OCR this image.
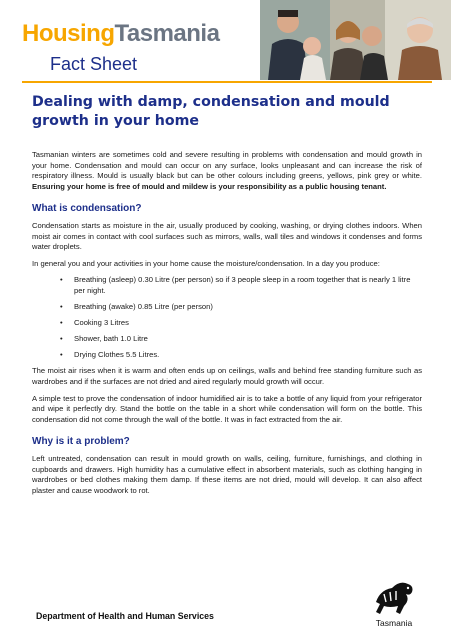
HousingTasmania
Fact Sheet
Dealing with damp, condensation and mould growth in your home

Tasmanian winters are sometimes cold and severe resulting in problems with condensation and mould growth in your home. Condensation and mould can occur on any surface, looks unpleasant and can increase the risk of respiratory illness. Mould is usually black but can be other colours including greens, yellows, pink grey or white. Ensuring your home is free of mould and mildew is your responsibility as a public housing tenant.

What is condensation?

Condensation starts as moisture in the air, usually produced by cooking, washing, or drying clothes indoors. When moist air comes in contact with cool surfaces such as mirrors, walls, wall tiles and windows it condenses and forms water droplets.

In general you and your activities in your home cause the moisture/condensation. In a day you produce:

• Breathing (asleep) 0.30 Litre (per person) so if 3 people sleep in a room together that is nearly 1 litre per night.
• Breathing (awake) 0.85 Litre (per person)
• Cooking 3 Litres
• Shower, bath 1.0 Litre
• Drying Clothes 5.5 Litres.

The moist air rises when it is warm and often ends up on ceilings, walls and behind free standing furniture such as wardrobes and if the surfaces are not dried and aired regularly mould growth will occur.

A simple test to prove the condensation of indoor humidified air is to take a bottle of any liquid from your refrigerator and wipe it perfectly dry. Stand the bottle on the table in a short while condensation will form on the bottle. This condensation did not come through the wall of the bottle. It was in fact extracted from the air.

Why is it a problem?

Left untreated, condensation can result in mould growth on walls, ceiling, furniture, furnishings, and clothing in cupboards and drawers. High humidity has a cumulative effect in absorbent materials, such as clothing hanging in wardrobes or bed clothes making them damp. If these items are not dried, mould will develop. It can also affect plaster and cause woodwork to rot.

Department of Health and Human Services
Tasmania
